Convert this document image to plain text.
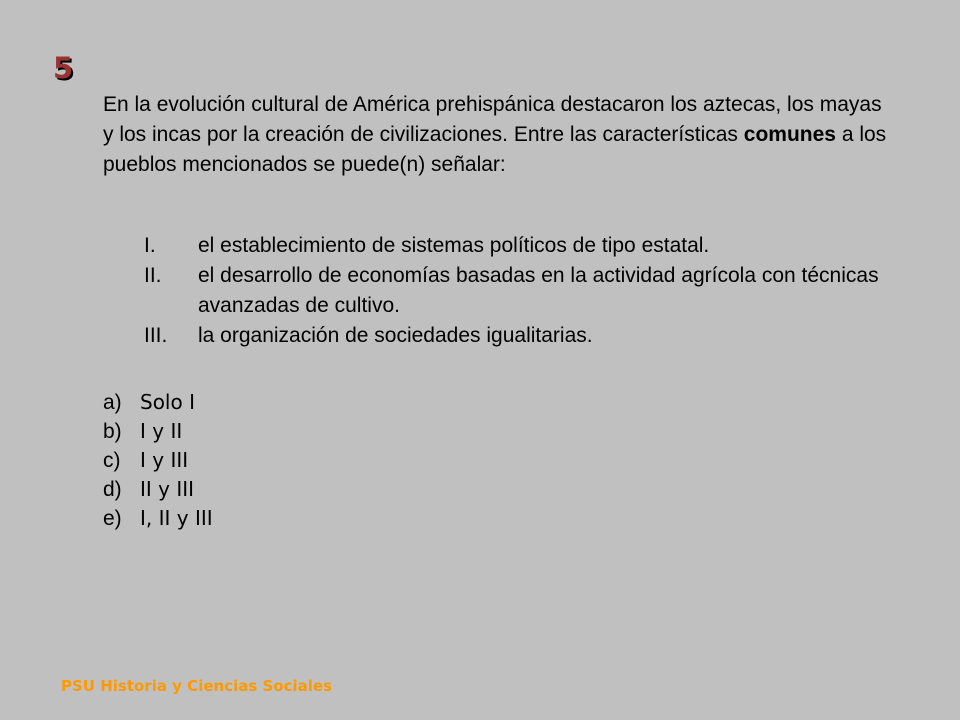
5

En la evolución cultural de América prehispánica destacaron los aztecas, los mayas y los incas por la creación de civilizaciones. Entre las características comunes a los pueblos mencionados se puede(n) señalar:

I.	el establecimiento de sistemas políticos de tipo estatal.
II.	el desarrollo de economías basadas en la actividad agrícola con técnicas avanzadas de cultivo.
III.	la organización de sociedades igualitarias.
a) Solo I
b) I y II
c) I y III
d) II y III
e) I, II y III
PSU Historia y Ciencias Sociales
